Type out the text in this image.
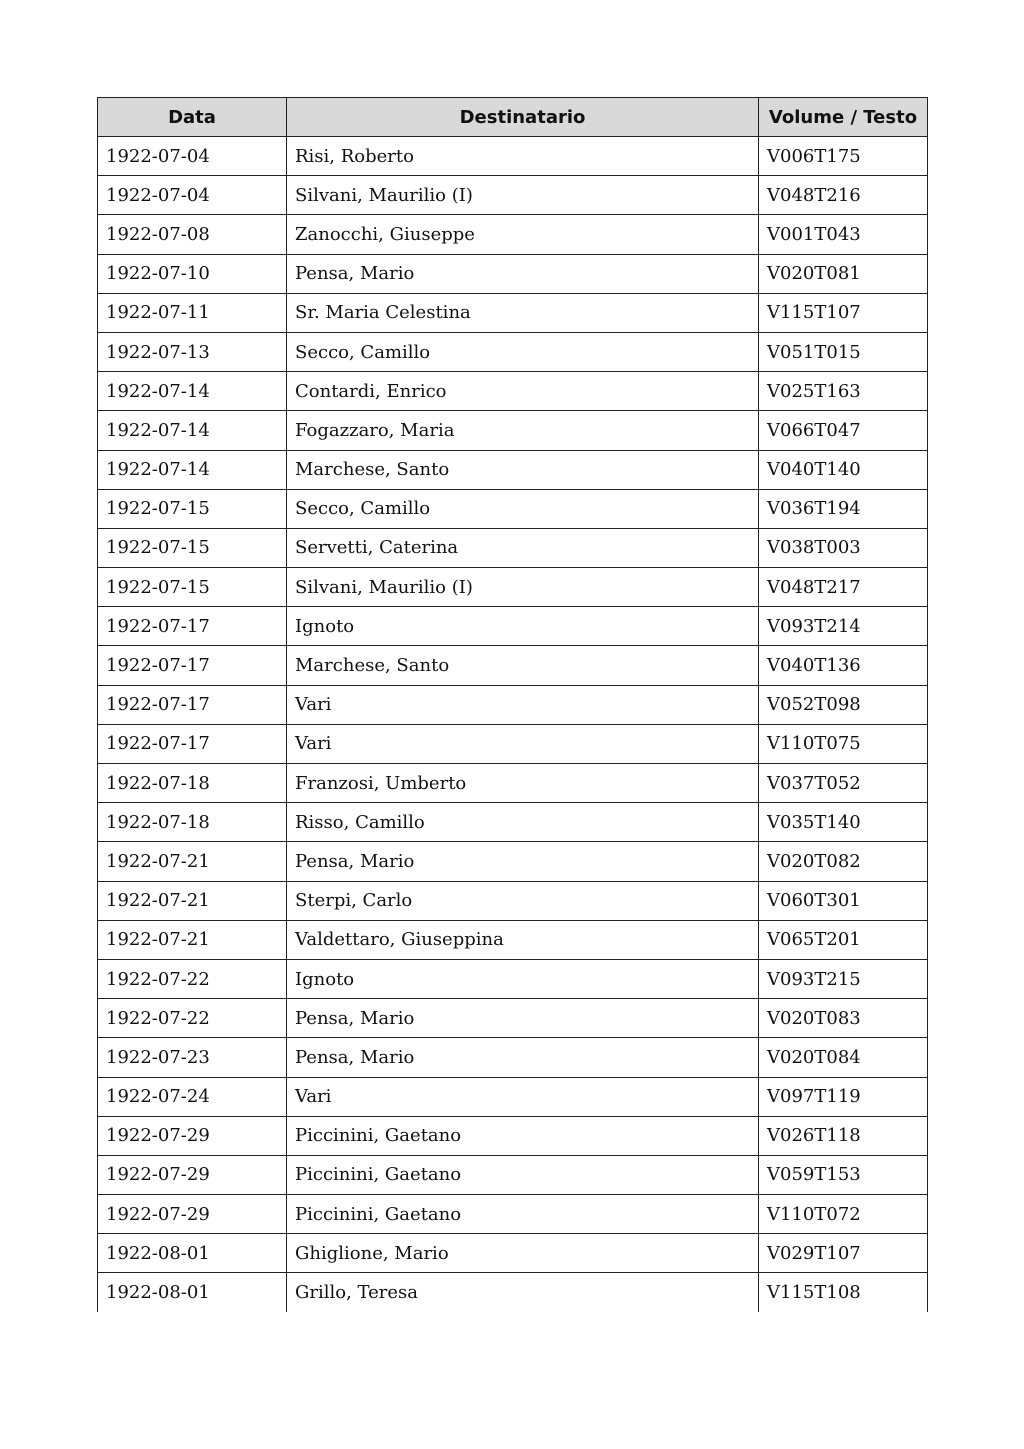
Data	Destinatario	Volume / Testo
1922-07-04	Risi, Roberto	V006T175
1922-07-04	Silvani, Maurilio (I)	V048T216
1922-07-08	Zanocchi, Giuseppe	V001T043
1922-07-10	Pensa, Mario	V020T081
1922-07-11	Sr. Maria Celestina	V115T107
1922-07-13	Secco, Camillo	V051T015
1922-07-14	Contardi, Enrico	V025T163
1922-07-14	Fogazzaro, Maria	V066T047
1922-07-14	Marchese, Santo	V040T140
1922-07-15	Secco, Camillo	V036T194
1922-07-15	Servetti, Caterina	V038T003
1922-07-15	Silvani, Maurilio (I)	V048T217
1922-07-17	Ignoto	V093T214
1922-07-17	Marchese, Santo	V040T136
1922-07-17	Vari	V052T098
1922-07-17	Vari	V110T075
1922-07-18	Franzosi, Umberto	V037T052
1922-07-18	Risso, Camillo	V035T140
1922-07-21	Pensa, Mario	V020T082
1922-07-21	Sterpi, Carlo	V060T301
1922-07-21	Valdettaro, Giuseppina	V065T201
1922-07-22	Ignoto	V093T215
1922-07-22	Pensa, Mario	V020T083
1922-07-23	Pensa, Mario	V020T084
1922-07-24	Vari	V097T119
1922-07-29	Piccinini, Gaetano	V026T118
1922-07-29	Piccinini, Gaetano	V059T153
1922-07-29	Piccinini, Gaetano	V110T072
1922-08-01	Ghiglione, Mario	V029T107
1922-08-01	Grillo, Teresa	V115T108
